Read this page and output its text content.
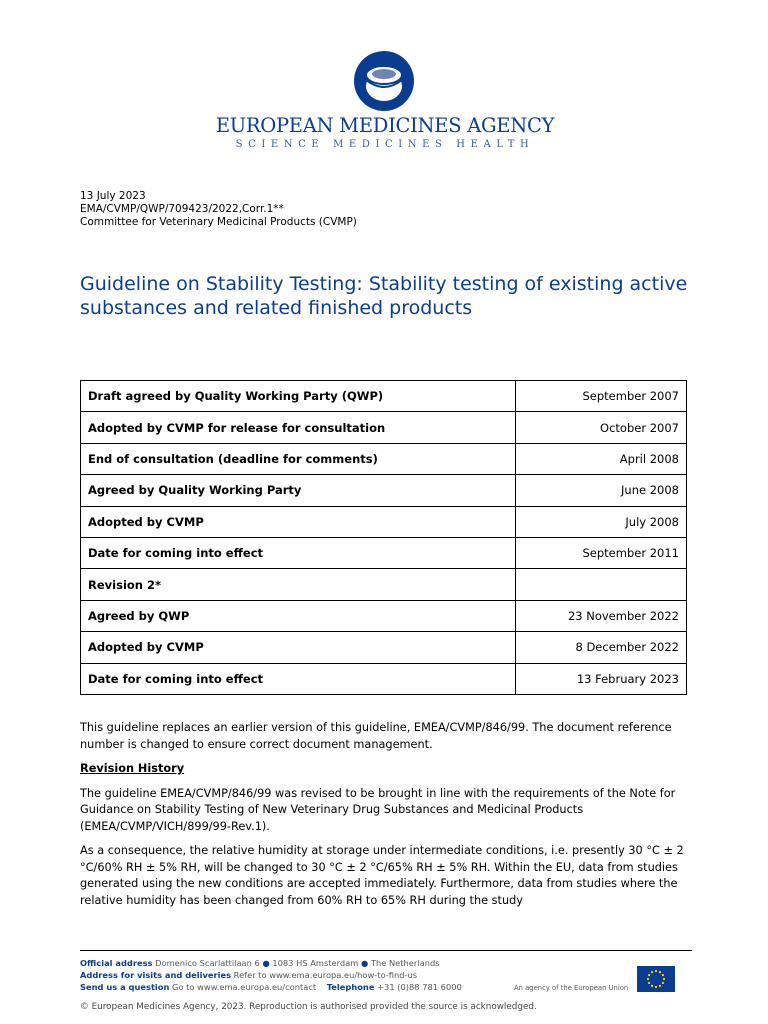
EUROPEAN MEDICINES AGENCY
SCIENCE MEDICINES HEALTH
13 July 2023
EMA/CVMP/QWP/709423/2022,Corr.1**
Committee for Veterinary Medicinal Products (CVMP)
Guideline on Stability Testing: Stability testing of existing active substances and related finished products
Draft agreed by Quality Working Party (QWP)	September 2007
Adopted by CVMP for release for consultation	October 2007
End of consultation (deadline for comments)	April 2008
Agreed by Quality Working Party	June 2008
Adopted by CVMP	July 2008
Date for coming into effect	September 2011
Revision 2*	
Agreed by QWP	23 November 2022
Adopted by CVMP	8 December 2022
Date for coming into effect	13 February 2023

This guideline replaces an earlier version of this guideline, EMEA/CVMP/846/99. The document reference number is changed to ensure correct document management.

Revision History

The guideline EMEA/CVMP/846/99 was revised to be brought in line with the requirements of the Note for Guidance on Stability Testing of New Veterinary Drug Substances and Medicinal Products (EMEA/CVMP/VICH/899/99-Rev.1).

As a consequence, the relative humidity at storage under intermediate conditions, i.e. presently 30 °C ± 2 °C/60% RH ± 5% RH, will be changed to 30 °C ± 2 °C/65% RH ± 5% RH. Within the EU, data from studies generated using the new conditions are accepted immediately. Furthermore, data from studies where the relative humidity has been changed from 60% RH to 65% RH during the study

Official address Domenico Scarlattilaan 6 ● 1083 HS Amsterdam ● The Netherlands
Address for visits and deliveries Refer to www.ema.europa.eu/how-to-find-us
Send us a question Go to www.ema.europa.eu/contact Telephone +31 (0)88 781 6000	An agency of the European Union
© European Medicines Agency, 2023. Reproduction is authorised provided the source is acknowledged.
